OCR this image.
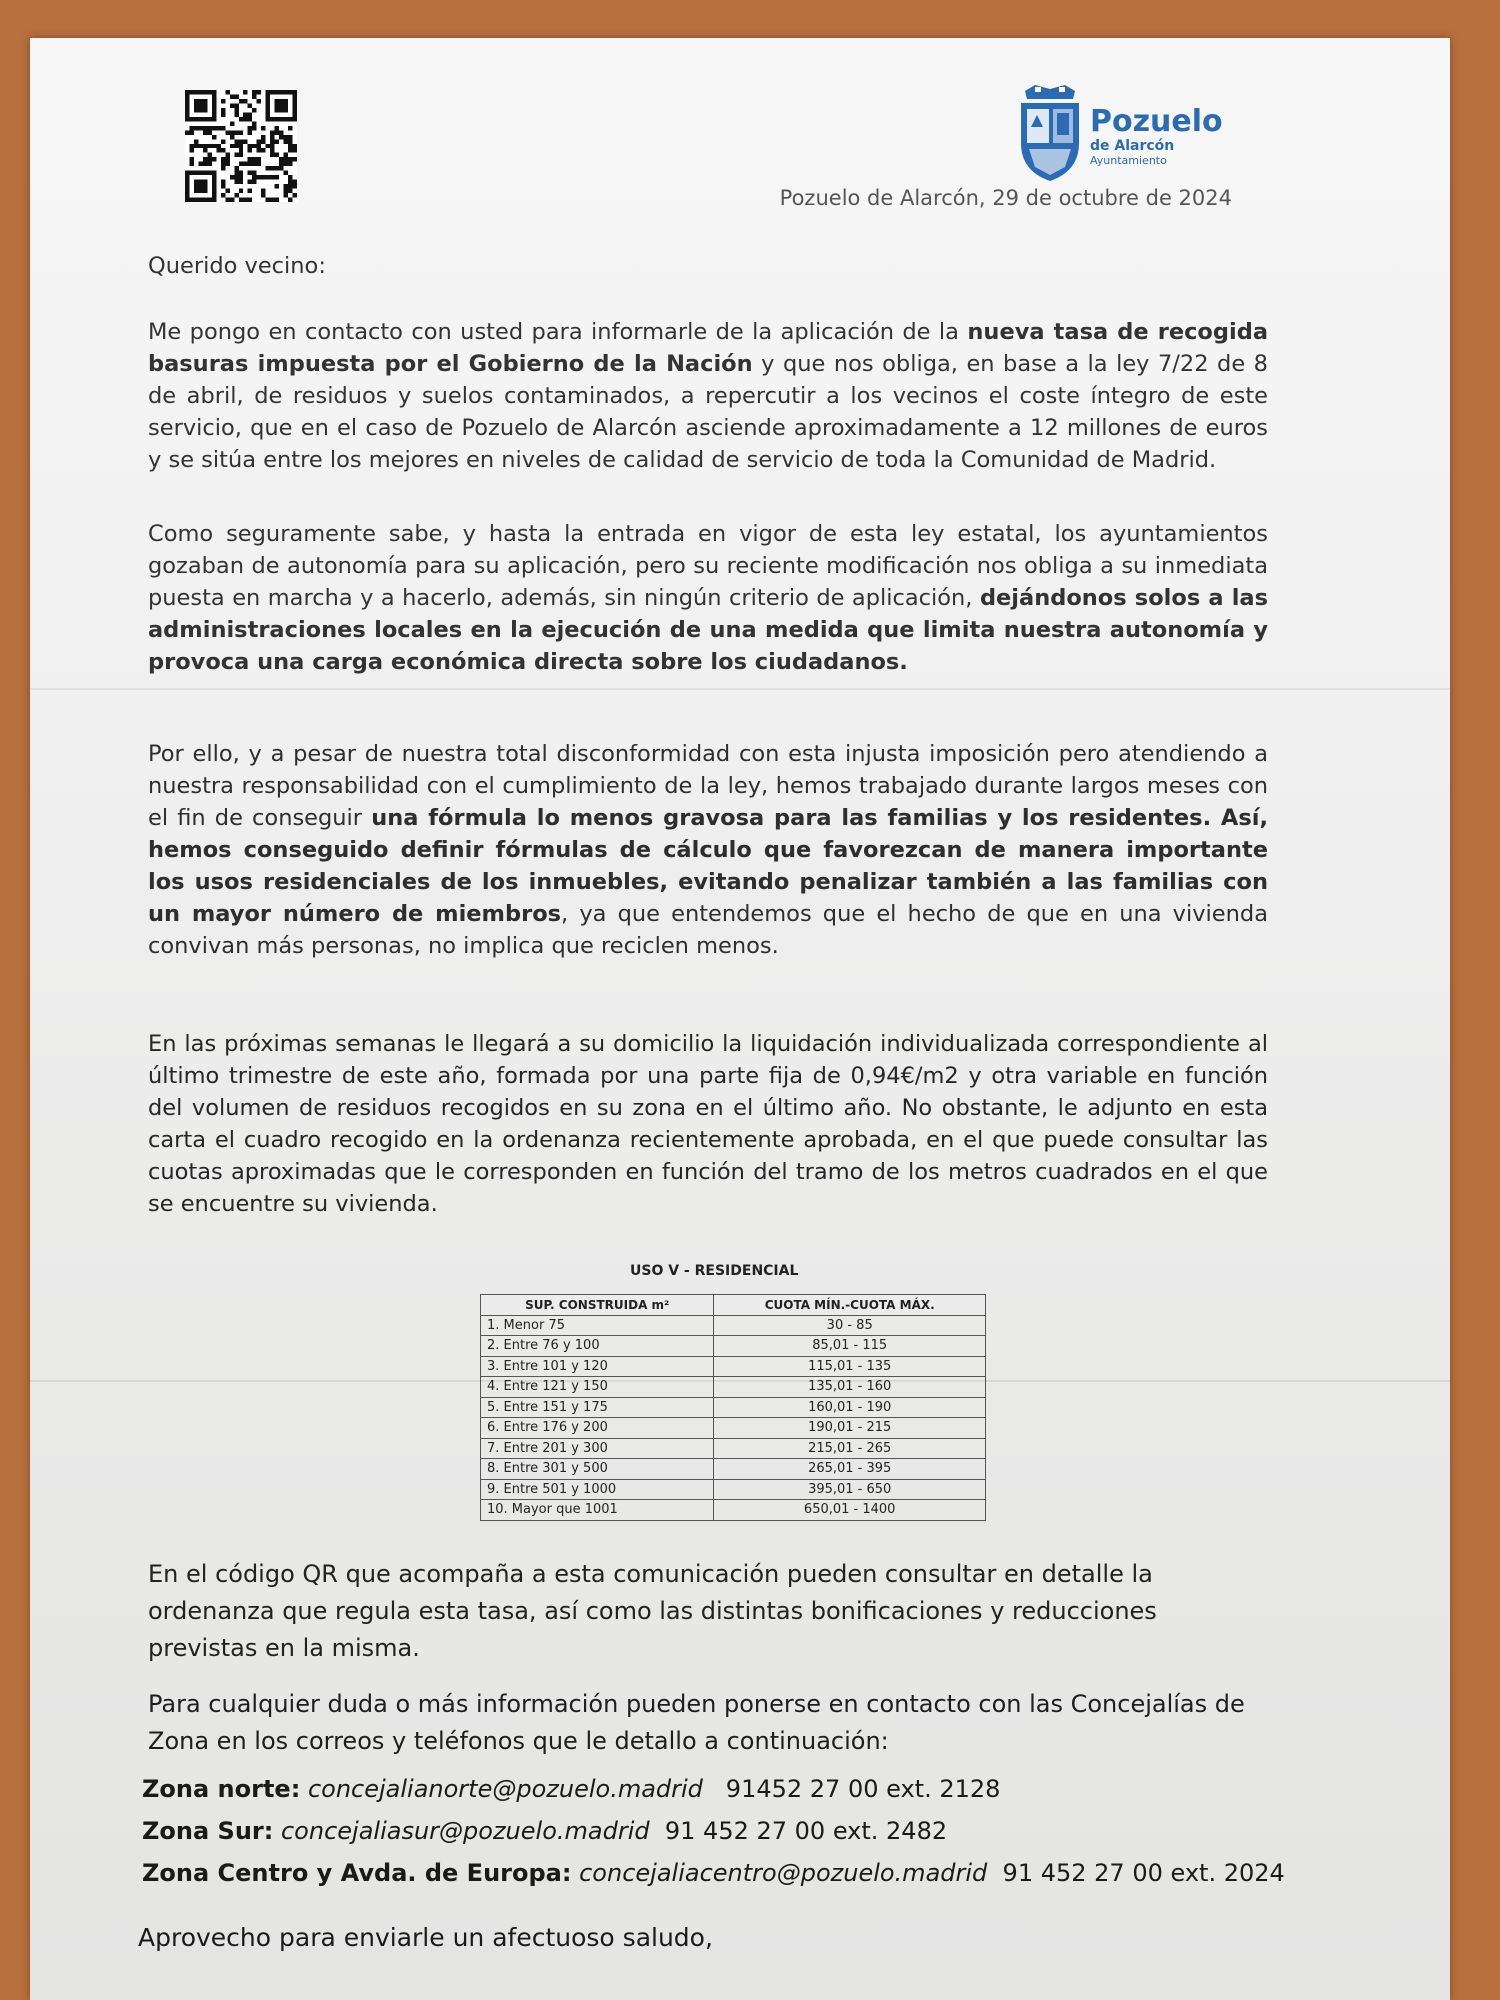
Pozuelo
de Alarcón
Ayuntamiento
Pozuelo de Alarcón, 29 de octubre de 2024
Querido vecino:
Me pongo en contacto con usted para informarle de la aplicación de la nueva tasa de recogida basuras impuesta por el Gobierno de la Nación y que nos obliga, en base a la ley 7/22 de 8 de abril, de residuos y suelos contaminados, a repercutir a los vecinos el coste íntegro de este servicio, que en el caso de Pozuelo de Alarcón asciende aproximadamente a 12 millones de euros y se sitúa entre los mejores en niveles de calidad de servicio de toda la Comunidad de Madrid.
Como seguramente sabe, y hasta la entrada en vigor de esta ley estatal, los ayuntamientos gozaban de autonomía para su aplicación, pero su reciente modificación nos obliga a su inmediata puesta en marcha y a hacerlo, además, sin ningún criterio de aplicación, dejándonos solos a las administraciones locales en la ejecución de una medida que limita nuestra autonomía y provoca una carga económica directa sobre los ciudadanos.
Por ello, y a pesar de nuestra total disconformidad con esta injusta imposición pero atendiendo a nuestra responsabilidad con el cumplimiento de la ley, hemos trabajado durante largos meses con el fin de conseguir una fórmula lo menos gravosa para las familias y los residentes. Así, hemos conseguido definir fórmulas de cálculo que favorezcan de manera importante los usos residenciales de los inmuebles, evitando penalizar también a las familias con un mayor número de miembros, ya que entendemos que el hecho de que en una vivienda convivan más personas, no implica que reciclen menos.
En las próximas semanas le llegará a su domicilio la liquidación individualizada correspondiente al último trimestre de este año, formada por una parte fija de 0,94€/m2 y otra variable en función del volumen de residuos recogidos en su zona en el último año. No obstante, le adjunto en esta carta el cuadro recogido en la ordenanza recientemente aprobada, en el que puede consultar las cuotas aproximadas que le corresponden en función del tramo de los metros cuadrados en el que se encuentre su vivienda.
USO V - RESIDENCIAL
SUP. CONSTRUIDA m²	CUOTA MÍN.-CUOTA MÁX.
1. Menor 75	30 - 85
2. Entre 76 y 100	85,01 - 115
3. Entre 101 y 120	115,01 - 135
4. Entre 121 y 150	135,01 - 160
5. Entre 151 y 175	160,01 - 190
6. Entre 176 y 200	190,01 - 215
7. Entre 201 y 300	215,01 - 265
8. Entre 301 y 500	265,01 - 395
9. Entre 501 y 1000	395,01 - 650
10. Mayor que 1001	650,01 - 1400
En el código QR que acompaña a esta comunicación pueden consultar en detalle la ordenanza que regula esta tasa, así como las distintas bonificaciones y reducciones previstas en la misma.
Para cualquier duda o más información pueden ponerse en contacto con las Concejalías de Zona en los correos y teléfonos que le detallo a continuación:
Zona norte: concejalianorte@pozuelo.madrid 91452 27 00 ext. 2128
Zona Sur: concejaliasur@pozuelo.madrid 91 452 27 00 ext. 2482
Zona Centro y Avda. de Europa: concejaliacentro@pozuelo.madrid 91 452 27 00 ext. 2024
Aprovecho para enviarle un afectuoso saludo,
